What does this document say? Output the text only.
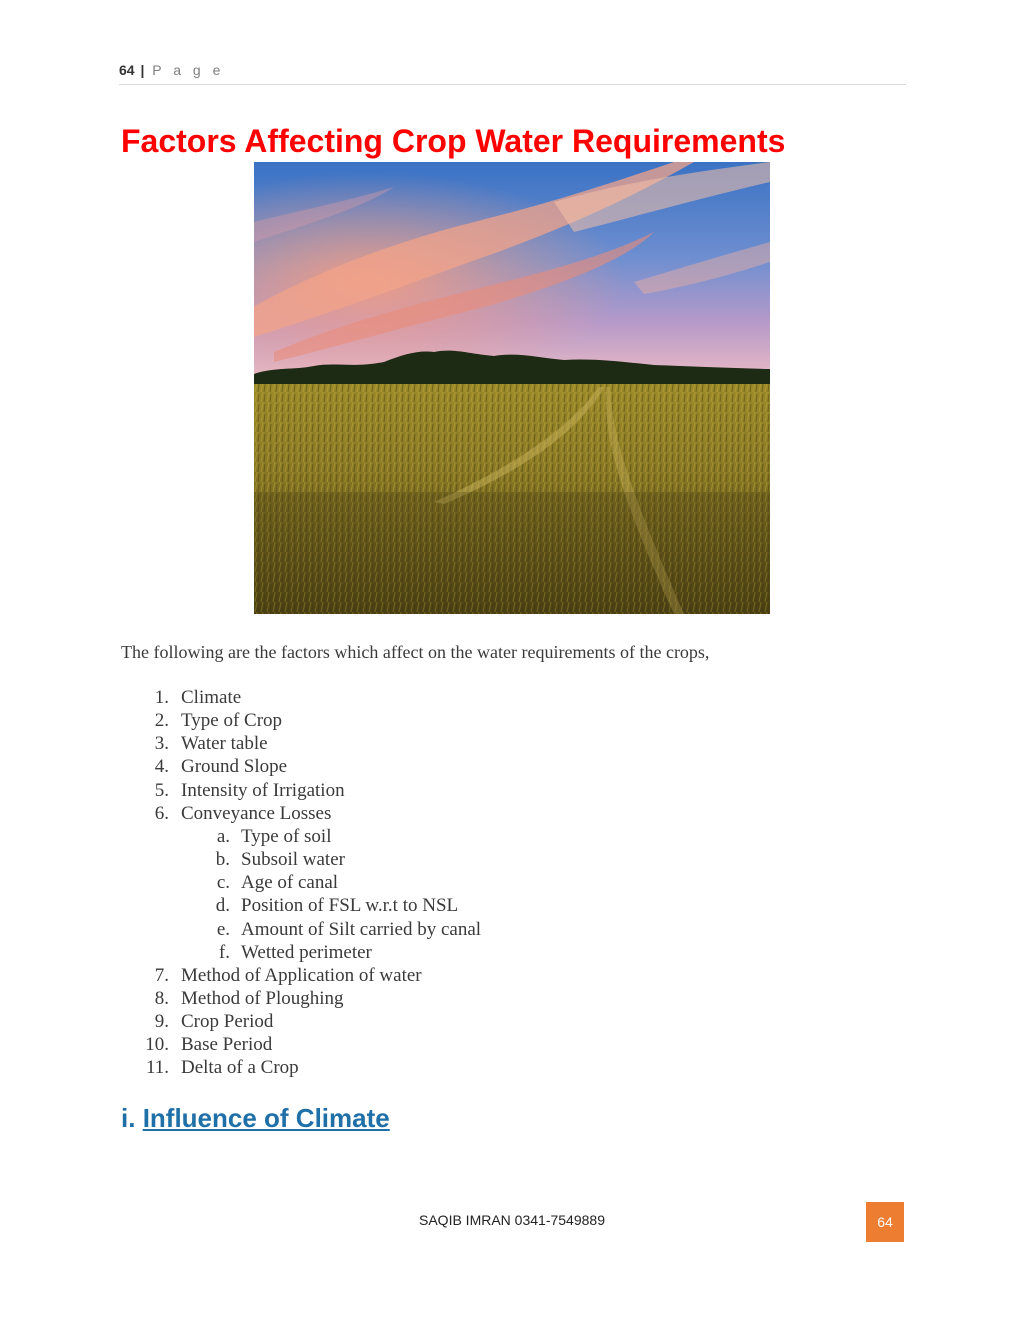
64 | P a g e
Factors Affecting Crop Water Requirements

The following are the factors which affect on the water requirements of the crops,

1. Climate
2. Type of Crop
3. Water table
4. Ground Slope
5. Intensity of Irrigation
6. Conveyance Losses
a. Type of soil
b. Subsoil water
c. Age of canal
d. Position of FSL w.r.t to NSL
e. Amount of Silt carried by canal
f. Wetted perimeter
7. Method of Application of water
8. Method of Ploughing
9. Crop Period
10. Base Period
11. Delta of a Crop
i. Influence of Climate
SAQIB IMRAN 0341-7549889	64
